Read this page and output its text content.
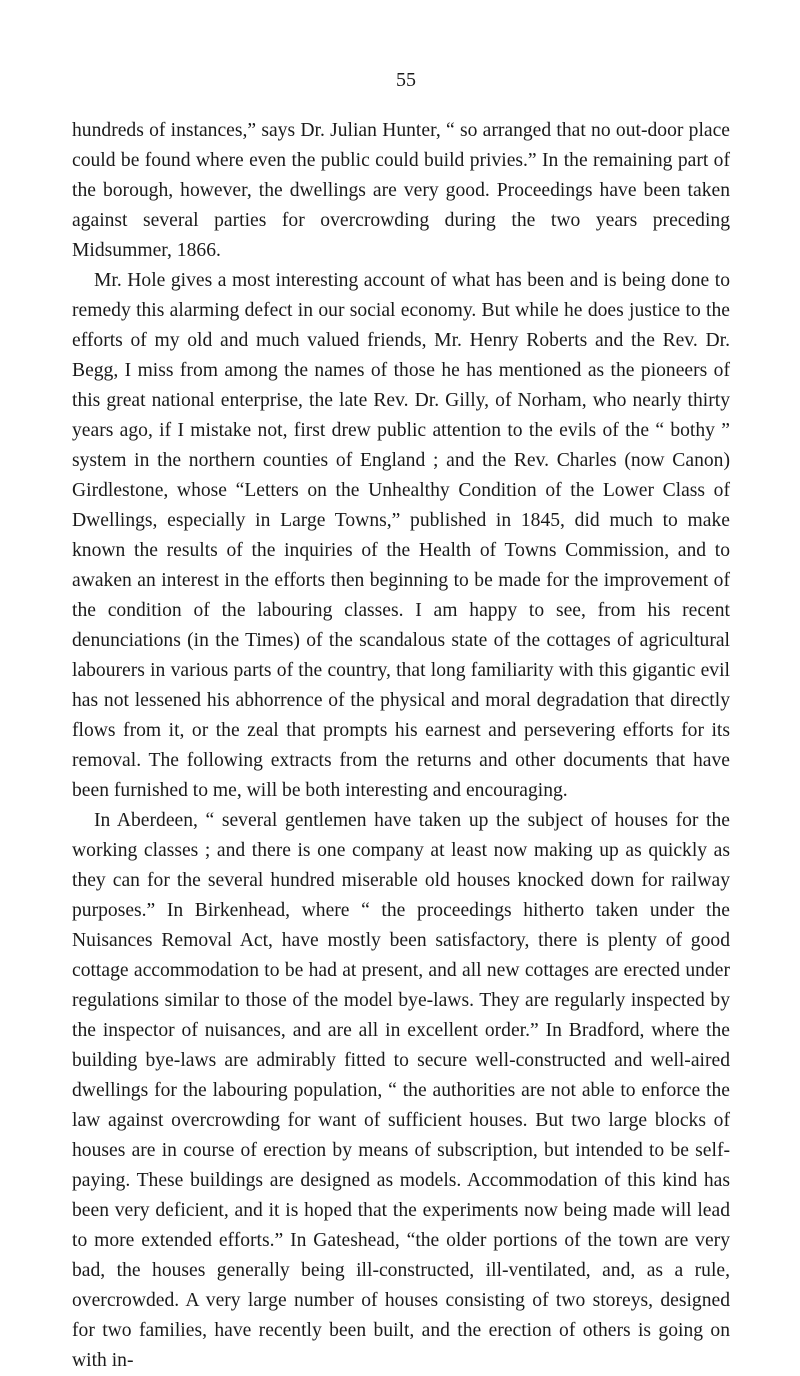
55

hundreds of instances,” says Dr. Julian Hunter, “ so arranged that no out-door place could be found where even the public could build privies.” In the remaining part of the borough, however, the dwellings are very good. Proceedings have been taken against several parties for overcrowding during the two years preceding Midsummer, 1866.

Mr. Hole gives a most interesting account of what has been and is being done to remedy this alarming defect in our social economy. But while he does justice to the efforts of my old and much valued friends, Mr. Henry Roberts and the Rev. Dr. Begg, I miss from among the names of those he has mentioned as the pioneers of this great national enterprise, the late Rev. Dr. Gilly, of Norham, who nearly thirty years ago, if I mistake not, first drew public attention to the evils of the “ bothy ” system in the northern counties of England ; and the Rev. Charles (now Canon) Girdlestone, whose “Letters on the Unhealthy Condition of the Lower Class of Dwellings, especially in Large Towns,” published in 1845, did much to make known the results of the inquiries of the Health of Towns Commission, and to awaken an interest in the efforts then beginning to be made for the improvement of the condition of the labouring classes. I am happy to see, from his recent denunciations (in the Times) of the scandalous state of the cottages of agricultural labourers in various parts of the country, that long familiarity with this gigantic evil has not lessened his abhorrence of the physical and moral degradation that directly flows from it, or the zeal that prompts his earnest and persevering efforts for its removal. The following extracts from the returns and other documents that have been furnished to me, will be both interesting and encouraging.

In Aberdeen, “ several gentlemen have taken up the subject of houses for the working classes ; and there is one company at least now making up as quickly as they can for the several hundred miserable old houses knocked down for railway purposes.” In Birkenhead, where “ the proceedings hitherto taken under the Nuisances Removal Act, have mostly been satisfactory, there is plenty of good cottage accommodation to be had at present, and all new cottages are erected under regulations similar to those of the model bye-laws. They are regularly inspected by the inspector of nuisances, and are all in excellent order.” In Bradford, where the building bye-laws are admirably fitted to secure well-constructed and well-aired dwellings for the labouring population, “ the authorities are not able to enforce the law against overcrowding for want of sufficient houses. But two large blocks of houses are in course of erection by means of subscription, but intended to be self-paying. These buildings are designed as models. Accommodation of this kind has been very deficient, and it is hoped that the experiments now being made will lead to more extended efforts.” In Gateshead, “the older portions of the town are very bad, the houses generally being ill-constructed, ill-ventilated, and, as a rule, overcrowded. A very large number of houses consisting of two storeys, designed for two families, have recently been built, and the erection of others is going on with in-
